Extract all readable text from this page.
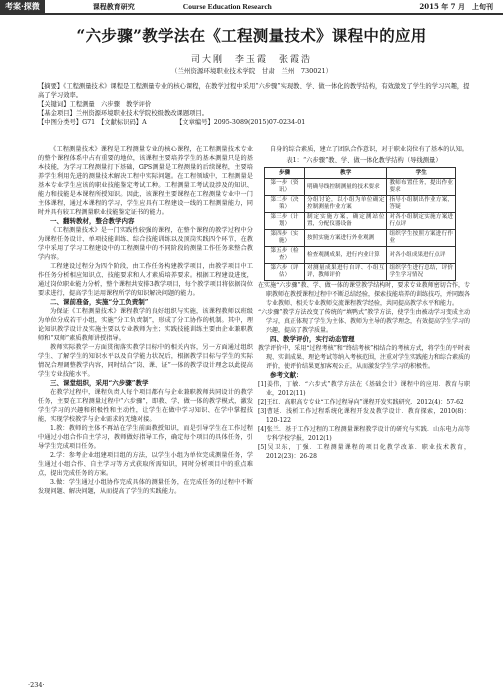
考案·探微	课程教育研究	Course Education Research	2015 年 7 月　上旬刊
“六步骤”教学法在《工程测量技术》课程中的应用
司大刚　李玉霞　张霞浩
（兰州资源环境职业技术学院　甘肃　兰州　730021）

【摘要】《工程测量技术》课程是工程测量专业的核心课程，在教学过程中采用“六步骤”实现教、学、做一体化的教学结构，有效激发了学生的学习兴趣，提高了学习效率。

【关键词】工程测量　六步骤　教学评价

【基金项目】兰州资源环境职业技术学院校级教改课题项目。

【中图分类号】G71 【文献标识码】A	【文章编号】2095-3089(2015)07-0234-01

《工程测量技术》课程是工程测量专业的核心课程，在工程测量技术专业的整个课程体系中占有重要的地位，该课程主要培养学生的基本测量只是的基本技能，为学习工程测量打下基础，GPS测量是工程测量的后续课程，主要培养学生利用先进的测量技术解决工程中实际问题。在工程领域中，工程测量是基本专业学生应该的职业技能鉴定考试工种。工程测量工考试设涉及的知识、能力和技能是本课程所授知识。因此，该课程主要课程在工程测量专业中一门主体课程，通过本课程的学习，学生应具有工程建设一线的工程测量能力，同时并具有较工程测量职业技能鉴定证书的能力。

一、翻转教材，整合教学内容

《工程测量技术》是一门实践性较强的课程，在整个课程的教学过程中分为课程任务设计、单项技能训练、综合技能训练以及顶岗实践四个环节，在教学中采用了学习工程建设中的工程测量中的不同阶段的测量工作任务来整合教学内容。

工程建设过程分为四个阶段，由工作任务构建教学项目，由教学项目中工作任务分析相应知识点、技能要求和人才素质培养要求。根据工程建设进度，通过岗位职业能力分析，整个课程共安排3教学项目，每个教学项目将依据岗位要求进行，提高学生运用课程所学的知识解决问题的能力。

二、课前准备，实施“分工负责制”

为保证《工程测量技术》课程教学的良好组织与实施，该课程教师以班级为单位分成若干小组，实施“分工负责制”，形成了分工协作的机制。其中，理论知识教学设计及实施主要以专业教师为主；实践技能训练主要由企业兼职教师和“双师”素质教师讲授指导。

教师实际教学一方面贯彻落实教学目标中的相关内容，另一方面通过组织学生、了解学生的知识水平以及自学能力状况后，根据教学目标与学生的实际情况合理调整教学内容，同时结合“岗、课、证”一体的教学设计理念以此提高学生专业技能水平。

三、课堂组织，采用“六步骤”教学

在教学过程中，课程负责人每个项目都有与企业兼职教师共同设计的教学任务，主要在工程测量过程中“六步骤”，即教、学、做一体的教学模式，激发学生学习的兴趣和积极性和主动性，让学生在做中学习知识、在学中掌握技能，实现学校教学与企业需求的无缝对接。

1.教：教师的主体不再站在学生前面教授知识，而是引导学生在工作过程中通过小组合作自主学习，教师做好指导工作，确定每个项目的具体任务，引导学生完成项目任务。

2.学：参考企业组建项目组的方法，以学生小组为单位完成测量任务，学生通过小组合作、自主学习等方式获取所需知识，同时分析项目中的重点难点，提出完成任务的方案。

3.做：学生通过小组协作完成具体的测量任务，在完成任务的过程中不断发现问题、解决问题，从而提高了学生的实践能力。

自身的综合素质，建立了团队合作意识，对于职业岗位有了基本的认知。

表1：“六步骤”教、学、做一体化教学结构（导线测量）
步骤	教学	学生
第一步（资讯）	明确导线控制测量的技术要求	教师布置任务，提出作业要求
第二步（决策）	分组讨论，以小组为单位确定控制测量作业方案	指导小组制出作业方案，答疑
第三步（计划）	制定实施方案，确定测站位置，分配仪器设备	对各小组制定实施方案进行点评
第四步（实施）	按照实施方案进行外业观测	组织学生按照方案进行作业
第五步（检查）	检查观测成果，进行内业计算	对各小组成果进行点评
第六步（评估）	对测量成果进行自评、小组互评，教师评价	组织学生进行总结，评价学生学习情况

在实施“六步骤”教、学、做一体的课堂教学结构时，要求专业教师密切合作，专职教师在教授课程过程中不断总结经验，探索技能培养的训练技巧，并同跟各专业教师、相关专业教师交流课程教学经验，共同提高教学水平和能力。

“六步骤”教学方法改变了传统的“填鸭式”教学方法，使学生由被动学习变成主动学习，真正体现了学生为主体、教师为主导的教学理念，有效提高学生学习的兴趣，提高了教学质量。

四、教学评价，实行动态管理

教学评价中，采用“过程考核”和“终结考核”相结合的考核方式，将学生的平时表现、实训成果、理论考试等纳入考核范围，注重对学生实践能力和综合素质的评价，使评价结果更加客观公正，从而激发学生学习的积极性。

参考文献：

[1]姜伟，丁敏．“六步式”教学方法在《基础会计》课程中的应用．教育与职业，2012(11)

[2]王红．高职高专专业“工作过程导向”课程开发实践研究．2012(4)：57-62

[3]曹延．浅析工作过程系统化课程开发及教学设计．教育探索，2010(8)：120-122

[4]张兰．基于工作过程的工程测量课程教学设计的研究与实践．山东电力高等专科学校学报，2012(1)

[5]吴卫东，丁强．工程测量课程的项目化教学改革．职业技术教育，2012(23)：26-28

·234·
